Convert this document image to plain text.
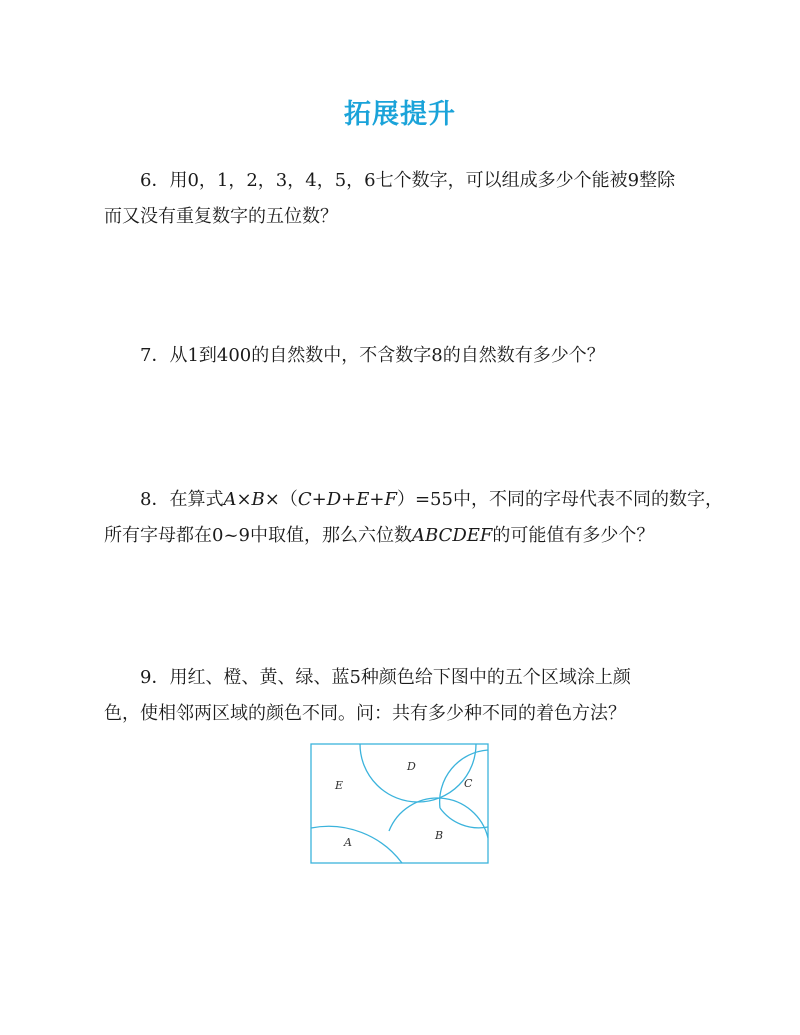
拓展提升

6．用0，1，2，3，4，5，6七个数字，可以组成多少个能被9整除
而又没有重复数字的五位数？

7．从1到400的自然数中，不含数字8的自然数有多少个？

8．在算式A×B×（C+D+E+F）=55中，不同的字母代表不同的数字，
所有字母都在0~9中取值，那么六位数ABCDEF的可能值有多少个？

9．用红、橙、黄、绿、蓝5种颜色给下图中的五个区域涂上颜
色，使相邻两区域的颜色不同。问：共有多少种不同的着色方法？

D
C
E
B
A
